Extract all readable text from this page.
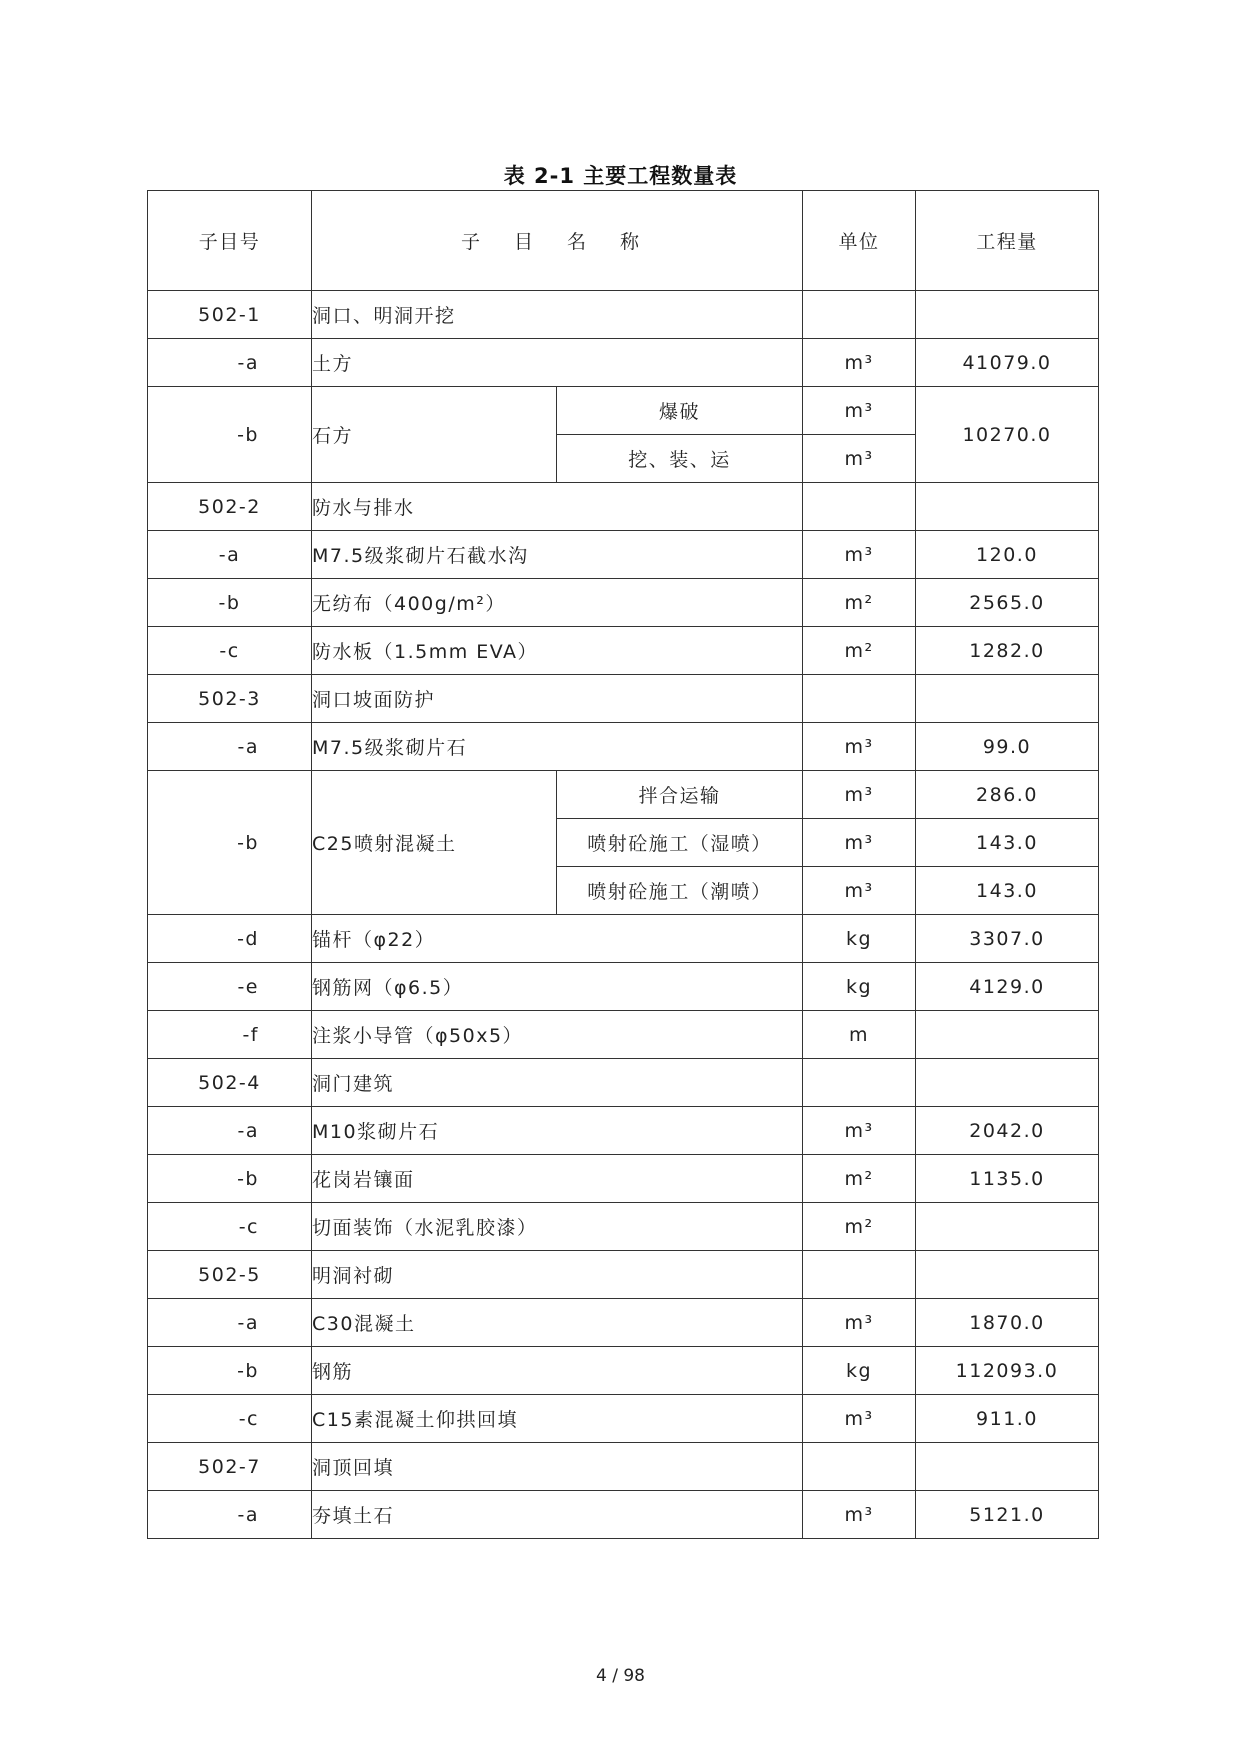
表 2-1 主要工程数量表
子目号	子 目 名 称		单位	工程量
502-1	洞口、明洞开挖			
-a	土方		m³	41079.0
-b	石方	爆破	m³	10270.0
		挖、装、运	m³	
502-2	防水与排水			
-a	M7.5级浆砌片石截水沟		m³	120.0
-b	无纺布（400g/m²）		m²	2565.0
-c	防水板（1.5mm EVA）		m²	1282.0
502-3	洞口坡面防护			
-a	M7.5级浆砌片石		m³	99.0
-b	C25喷射混凝土	拌合运输	m³	286.0
		喷射砼施工（湿喷）	m³	143.0
		喷射砼施工（潮喷）	m³	143.0
-d	锚杆（φ22）		kg	3307.0
-e	钢筋网（φ6.5）		kg	4129.0
-f	注浆小导管（φ50x5）		m	
502-4	洞门建筑			
-a	M10浆砌片石		m³	2042.0
-b	花岗岩镶面		m²	1135.0
-c	切面装饰（水泥乳胶漆）		m²	
502-5	明洞衬砌			
-a	C30混凝土		m³	1870.0
-b	钢筋		kg	112093.0
-c	C15素混凝土仰拱回填		m³	911.0
502-7	洞顶回填			
-a	夯填土石		m³	5121.0
4 / 98
